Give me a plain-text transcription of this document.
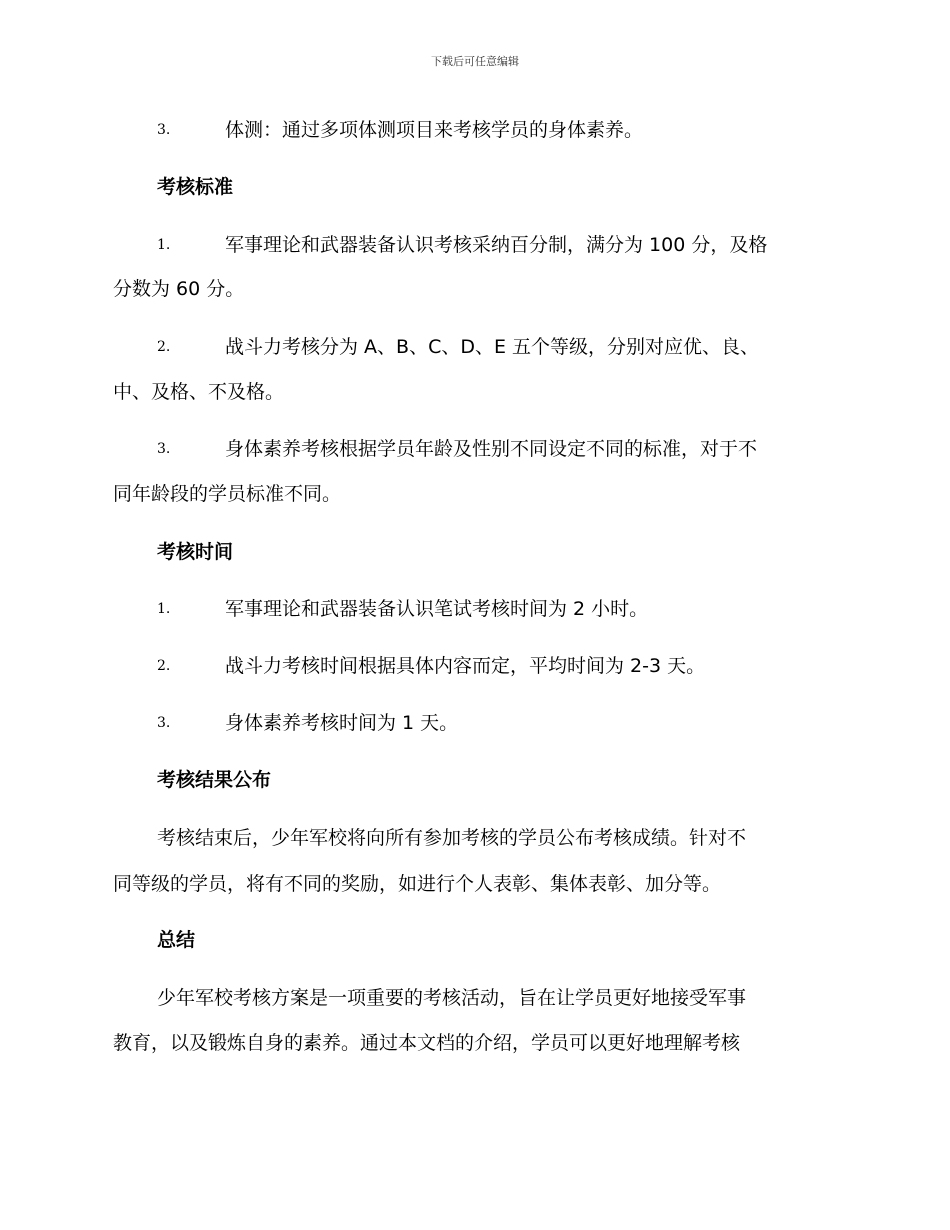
下载后可任意编辑
3.	体测：通过多项体测项目来考核学员的身体素养。
考核标准
1.	军事理论和武器装备认识考核采纳百分制，满分为 100 分，及格
分数为 60 分。
2.	战斗力考核分为 A、B、C、D、E 五个等级，分别对应优、良、
中、及格、不及格。
3.	身体素养考核根据学员年龄及性别不同设定不同的标准，对于不
同年龄段的学员标准不同。
考核时间
1.	军事理论和武器装备认识笔试考核时间为 2 小时。
2.	战斗力考核时间根据具体内容而定，平均时间为 2-3 天。
3.	身体素养考核时间为 1 天。
考核结果公布
考核结束后，少年军校将向所有参加考核的学员公布考核成绩。针对不
同等级的学员，将有不同的奖励，如进行个人表彰、集体表彰、加分等。
总结
少年军校考核方案是一项重要的考核活动，旨在让学员更好地接受军事
教育，以及锻炼自身的素养。通过本文档的介绍，学员可以更好地理解考核
